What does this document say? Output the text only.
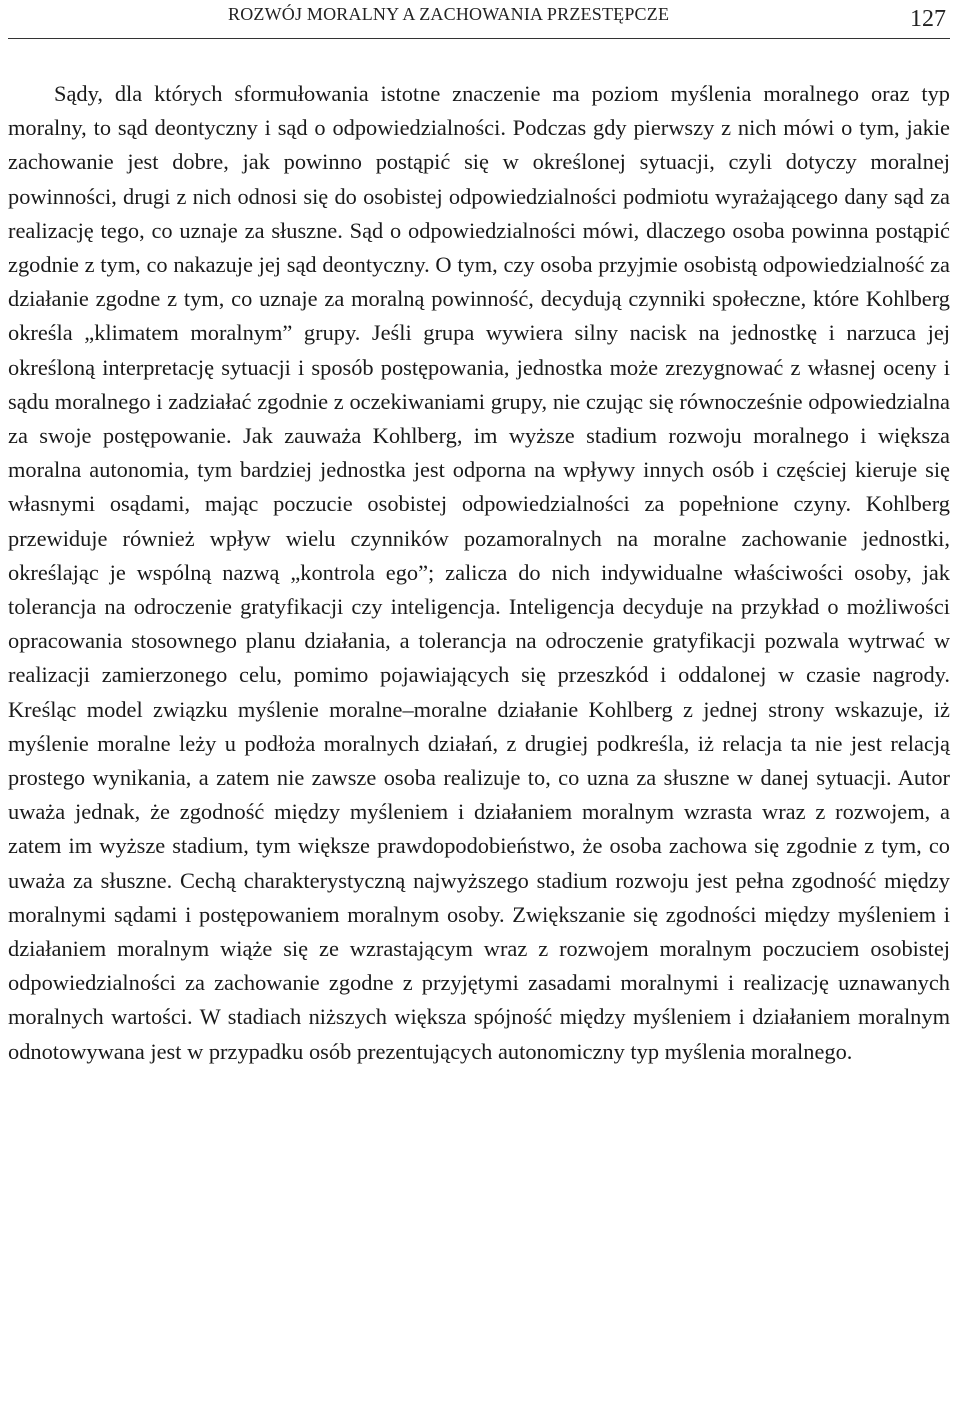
ROZWÓJ MORALNY A ZACHOWANIA PRZESTĘPCZE	127

Sądy, dla których sformułowania istotne znaczenie ma poziom myślenia moralnego oraz typ moralny, to sąd deontyczny i sąd o odpowiedzialności. Podczas gdy pierwszy z nich mówi o tym, jakie zachowanie jest dobre, jak powinno postąpić się w określonej sytuacji, czyli dotyczy moralnej powinności, drugi z nich odnosi się do osobistej odpowiedzialności podmiotu wyrażającego dany sąd za realizację tego, co uznaje za słuszne. Sąd o odpowiedzialności mówi, dlaczego osoba powinna postąpić zgodnie z tym, co nakazuje jej sąd deontyczny. O tym, czy osoba przyjmie osobistą odpowiedzialność za działanie zgodne z tym, co uznaje za moralną powinność, decydują czynniki społeczne, które Kohlberg określa „klimatem moralnym” grupy. Jeśli grupa wywiera silny nacisk na jednostkę i narzuca jej określoną interpretację sytuacji i sposób postępowania, jednostka może zrezygnować z własnej oceny i sądu moralnego i zadziałać zgodnie z oczekiwaniami grupy, nie czując się równocześnie odpowiedzialna za swoje postępowanie. Jak zauważa Kohlberg, im wyższe stadium rozwoju moralnego i większa moralna autonomia, tym bardziej jednostka jest odporna na wpływy innych osób i częściej kieruje się własnymi osądami, mając poczucie osobistej odpowiedzialności za popełnione czyny. Kohlberg przewiduje również wpływ wielu czynników pozamoralnych na moralne zachowanie jednostki, określając je wspólną nazwą „kontrola ego”; zalicza do nich indywidualne właściwości osoby, jak tolerancja na odroczenie gratyfikacji czy inteligencja. Inteligencja decyduje na przykład o możliwości opracowania stosownego planu działania, a tolerancja na odroczenie gratyfikacji pozwala wytrwać w realizacji zamierzonego celu, pomimo pojawiających się przeszkód i oddalonej w czasie nagrody. Kreśląc model związku myślenie moralne–moralne działanie Kohlberg z jednej strony wskazuje, iż myślenie moralne leży u podłoża moralnych działań, z drugiej podkreśla, iż relacja ta nie jest relacją prostego wynikania, a zatem nie zawsze osoba realizuje to, co uzna za słuszne w danej sytuacji. Autor uważa jednak, że zgodność między myśleniem i działaniem moralnym wzrasta wraz z rozwojem, a zatem im wyższe stadium, tym większe prawdopodobieństwo, że osoba zachowa się zgodnie z tym, co uważa za słuszne. Cechą charakterystyczną najwyższego stadium rozwoju jest pełna zgodność między moralnymi sądami i postępowaniem moralnym osoby. Zwiększanie się zgodności między myśleniem i działaniem moralnym wiąże się ze wzrastającym wraz z rozwojem moralnym poczuciem osobistej odpowiedzialności za zachowanie zgodne z przyjętymi zasadami moralnymi i realizację uznawanych moralnych wartości. W stadiach niższych większa spójność między myśleniem i działaniem moralnym odnotowywana jest w przypadku osób prezentujących autonomiczny typ myślenia moralnego.
